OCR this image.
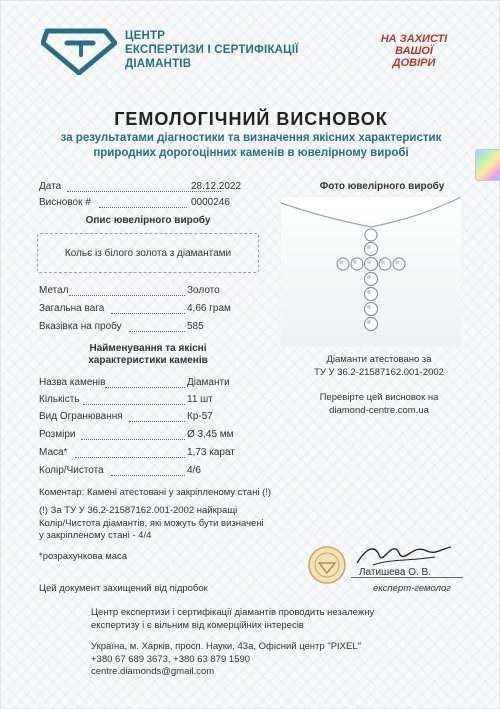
ЦЕНТР
ЕКСПЕРТИЗИ І СЕРТИФІКАЦІЇ
ДІАМАНТІВ
НА ЗАХИСТІ
ВАШОЇ
ДОВІРИ
ГЕМОЛОГІЧНИЙ ВИСНОВОК
за результатами діагностики та визначення якісних характеристик
природних дорогоцінних каменів в ювелірному виробі
Дата	28.12.2022
Висновок #	0000246
Опис ювелірного виробу
Кольє із білого золота з діамантами
Метал	Золото
Загальна вага	4,66 грам
Вказівка на пробу	585
Найменування та якісні
характеристики каменів
Назва каменів	Діаманти
Кількість	11 шт
Вид Огранювання	Кр-57
Розміри	Ø 3,45 мм
Маса*	1,73 карат
Колір/Чистота	4/6
Фото ювелірного виробу
Діаманти атестовано за
ТУ У 36.2-21587162.001-2002
Перевірте цей висновок на
diamond-centre.com.ua
Коментар: Камені атестовані у закріпленому стані (!)
(!) За ТУ У 36.2-21587162.001-2002 найкращі
Колір/Чистота діамантів, які можуть бути визначені
у закріпленому стані - 4/4
*розрахункова маса
Цей документ захищений від підробок
Латишева О. В.
експерт-гемолог
Центр експертизи і сертифікації діамантів проводить незалежну
експертизу і є вільним від комерційних інтересів
Україна, м. Харків, просп. Науки, 43а, Офісний центр "PIXEL"
+380 67 689 3673, +380 63 879 1590
centre.diamonds@gmail.com
